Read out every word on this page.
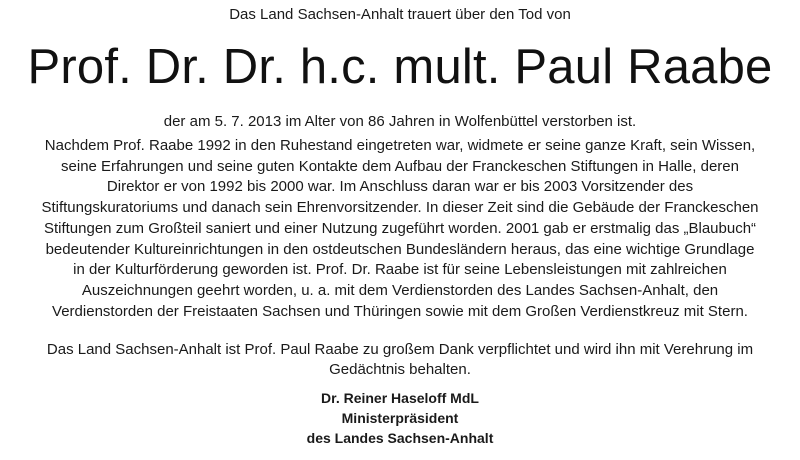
Das Land Sachsen-Anhalt trauert über den Tod von
Prof. Dr. Dr. h.c. mult. Paul Raabe
der am 5. 7. 2013 im Alter von 86 Jahren in Wolfenbüttel verstorben ist.

Nachdem Prof. Raabe 1992 in den Ruhestand eingetreten war, widmete er seine ganze Kraft, sein Wissen, seine Erfahrungen und seine guten Kontakte dem Aufbau der Franckeschen Stiftungen in Halle, deren Direktor er von 1992 bis 2000 war. Im Anschluss daran war er bis 2003 Vorsitzender des Stiftungskuratoriums und danach sein Ehrenvorsitzender. In dieser Zeit sind die Gebäude der Franckeschen Stiftungen zum Großteil saniert und einer Nutzung zugeführt worden. 2001 gab er erstmalig das „Blaubuch“ bedeutender Kultureinrichtungen in den ostdeutschen Bundesländern heraus, das eine wichtige Grundlage in der Kulturförderung geworden ist. Prof. Dr. Raabe ist für seine Lebensleistungen mit zahlreichen Auszeichnungen geehrt worden, u. a. mit dem Verdienstorden des Landes Sachsen-Anhalt, den Verdienstorden der Freistaaten Sachsen und Thüringen sowie mit dem Großen Verdienstkreuz mit Stern.

Das Land Sachsen-Anhalt ist Prof. Paul Raabe zu großem Dank verpflichtet und wird ihn mit Verehrung im Gedächtnis behalten.

Dr. Reiner Haseloff MdL
Ministerpräsident
des Landes Sachsen-Anhalt
